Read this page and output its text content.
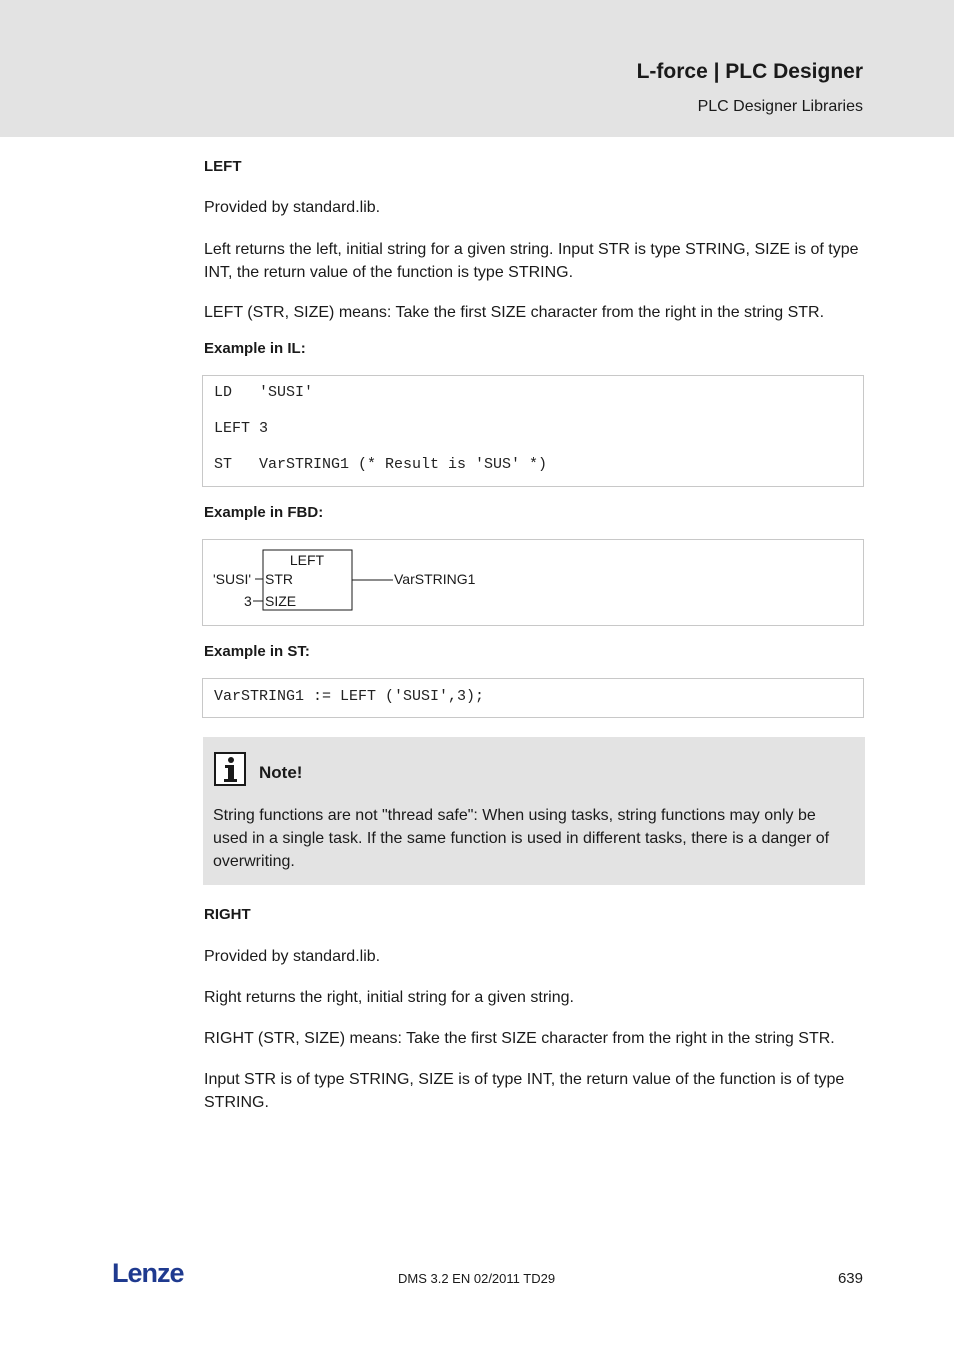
L-force | PLC Designer
PLC Designer Libraries
LEFT
Provided by standard.lib.
Left returns the left, initial string for a given string. Input STR is type STRING, SIZE is of type INT, the return value of the function is type STRING.
LEFT (STR, SIZE) means: Take the first SIZE character from the right in the string STR.
Example in IL:
LD   'SUSI'
LEFT 3
ST   VarSTRING1 (* Result is 'SUS' *)
Example in FBD:
LEFT
STR
SIZE
'SUSI'
3
VarSTRING1
Example in ST:
VarSTRING1 := LEFT ('SUSI',3);
Note!
String functions are not "thread safe": When using tasks, string functions may only be used in a single task. If the same function is used in different tasks, there is a danger of overwriting.
RIGHT
Provided by standard.lib.
Right returns the right, initial string for a given string.
RIGHT (STR, SIZE) means: Take the first SIZE character from the right in the string STR.
Input STR is of type STRING, SIZE is of type INT, the return value of the function is of type STRING.
Lenze	DMS 3.2 EN 02/2011 TD29	639
